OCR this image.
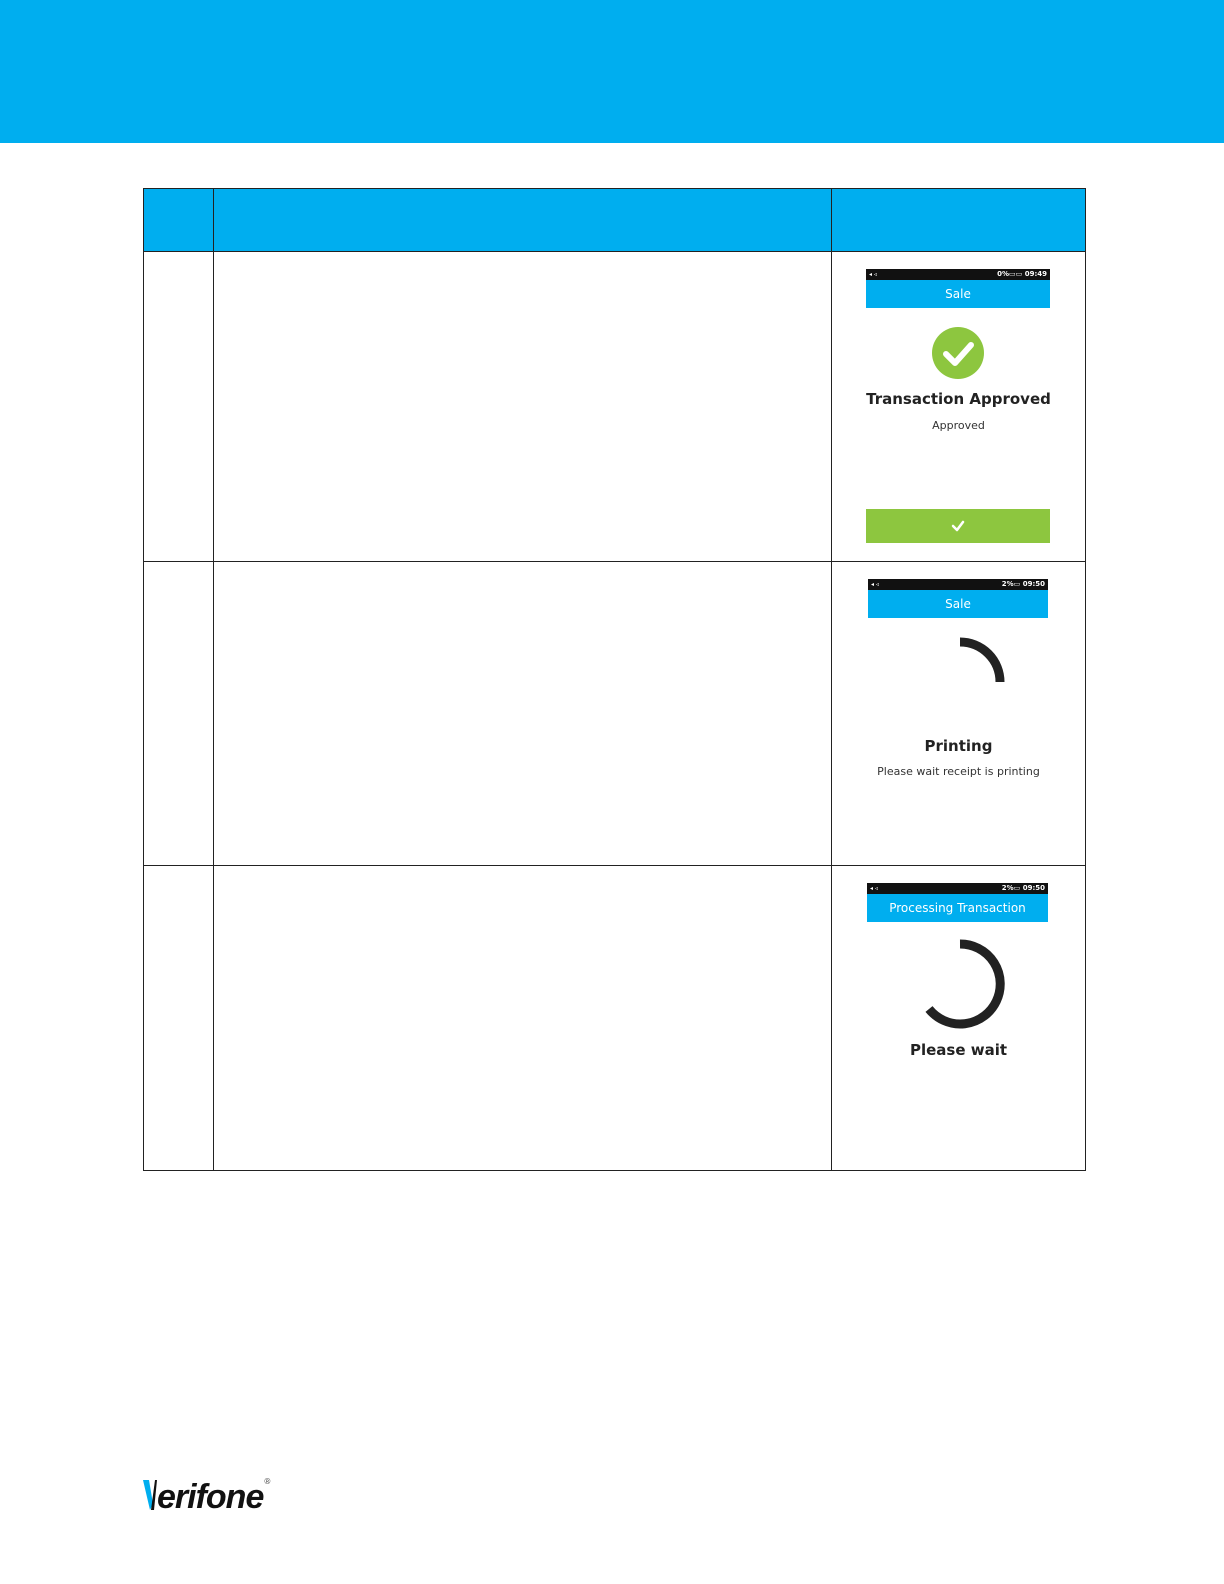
		◂ ◃ 0%▭▭ 09:49
Sale
Transaction Approved
Approved

		◂ ◃ 2%▭ 09:50
Sale
Printing
Please wait receipt is printing

		◂ ◃ 2%▭ 09:50
Processing Transaction
Please wait
erifone®
